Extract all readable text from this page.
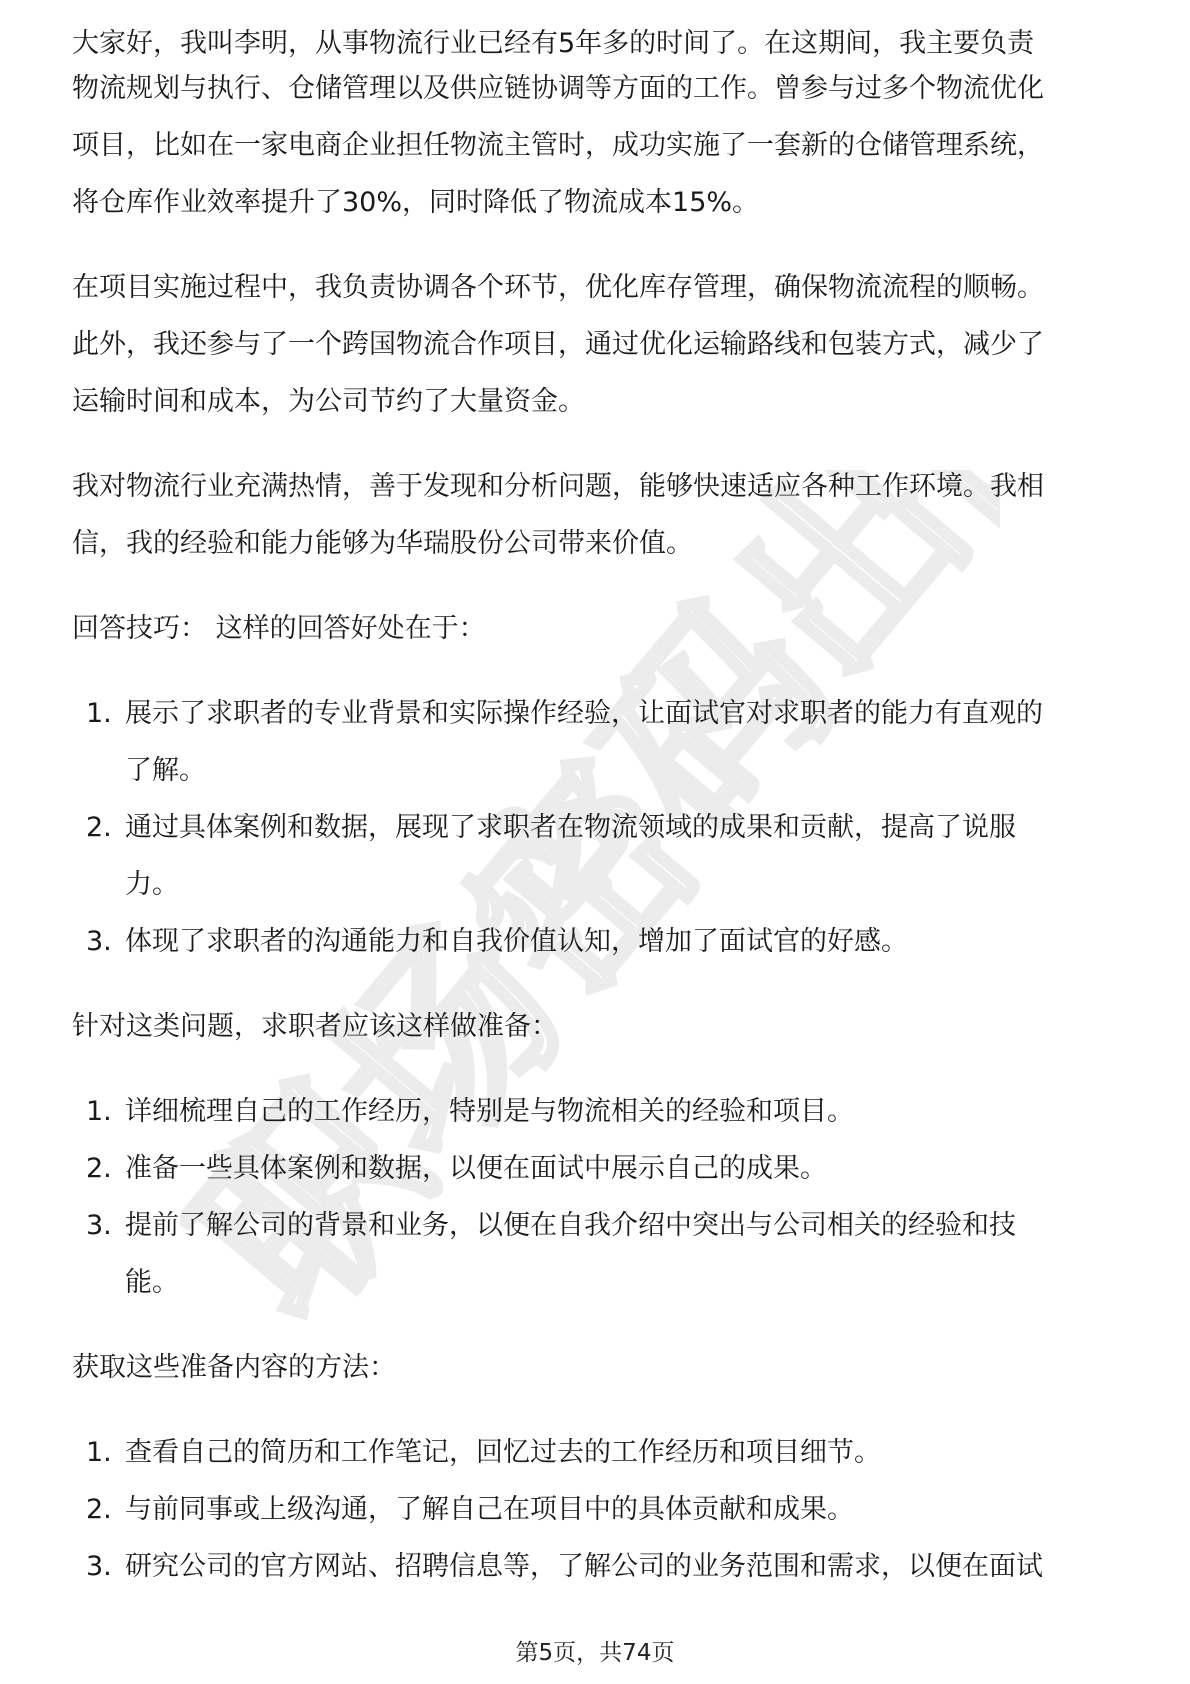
职场密码出品

大家好，我叫李明，从事物流行业已经有5年多的时间了。在这期间，我主要负责

物流规划与执行、仓储管理以及供应链协调等方面的工作。曾参与过多个物流优化
项目，比如在一家电商企业担任物流主管时，成功实施了一套新的仓储管理系统，
将仓库作业效率提升了30%，同时降低了物流成本15%。

在项目实施过程中，我负责协调各个环节，优化库存管理，确保物流流程的顺畅。
此外，我还参与了一个跨国物流合作项目，通过优化运输路线和包装方式，减少了
运输时间和成本，为公司节约了大量资金。

我对物流行业充满热情，善于发现和分析问题，能够快速适应各种工作环境。我相
信，我的经验和能力能够为华瑞股份公司带来价值。

回答技巧： 这样的回答好处在于：

1. 展示了求职者的专业背景和实际操作经验，让面试官对求职者的能力有直观的
了解。
2. 通过具体案例和数据，展现了求职者在物流领域的成果和贡献，提高了说服
力。
3. 体现了求职者的沟通能力和自我价值认知，增加了面试官的好感。

针对这类问题，求职者应该这样做准备：

1. 详细梳理自己的工作经历，特别是与物流相关的经验和项目。
2. 准备一些具体案例和数据，以便在面试中展示自己的成果。
3. 提前了解公司的背景和业务，以便在自我介绍中突出与公司相关的经验和技
能。

获取这些准备内容的方法：

1. 查看自己的简历和工作笔记，回忆过去的工作经历和项目细节。
2. 与前同事或上级沟通，了解自己在项目中的具体贡献和成果。
3. 研究公司的官方网站、招聘信息等，了解公司的业务范围和需求，以便在面试
第5页，共74页
